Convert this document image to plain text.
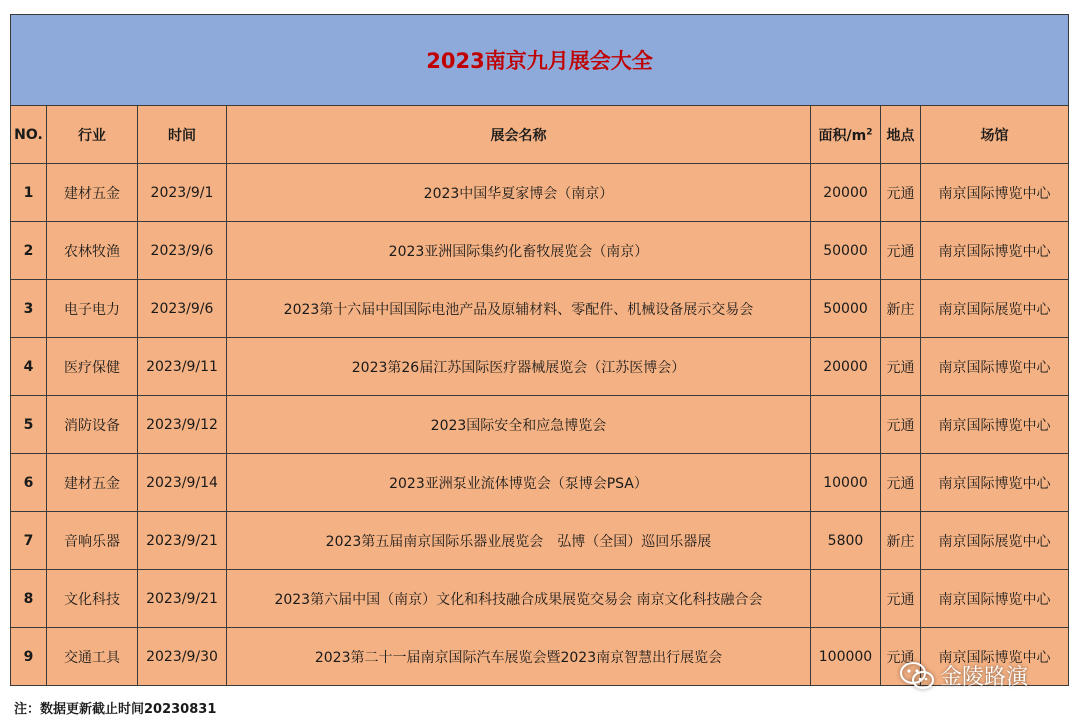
2023南京九月展会大全						
NO.	行业	时间	展会名称	面积$/m^2$	地点	场馆
1	建材五金	2023/9/1	2023中国华夏家博会（南京）	20000	元通	南京国际博览中心
2	农林牧渔	2023/9/6	2023亚洲国际集约化畜牧展览会（南京）	50000	元通	南京国际博览中心
3	电子电力	2023/9/6	2023第十六届中国国际电池产品及原辅材料、零配件、机械设备展示交易会	50000	新庄	南京国际展览中心
4	医疗保健	2023/9/11	2023第26届江苏国际医疗器械展览会（江苏医博会）	20000	元通	南京国际博览中心
5	消防设备	2023/9/12	2023国际安全和应急博览会		元通	南京国际博览中心
6	建材五金	2023/9/14	2023亚洲泵业流体博览会（泵博会PSA）	10000	元通	南京国际博览中心
7	音响乐器	2023/9/21	2023第五届南京国际乐器业展览会　弘博（全国）巡回乐器展	5800	新庄	南京国际展览中心
8	文化科技	2023/9/21	2023第六届中国（南京）文化和科技融合成果展览交易会 南京文化科技融合会		元通	南京国际博览中心
9	交通工具	2023/9/30	2023第二十一届南京国际汽车展览会暨2023南京智慧出行展览会	100000	元通	南京国际博览中心
注：数据更新截止时间20230831
金陵路演
